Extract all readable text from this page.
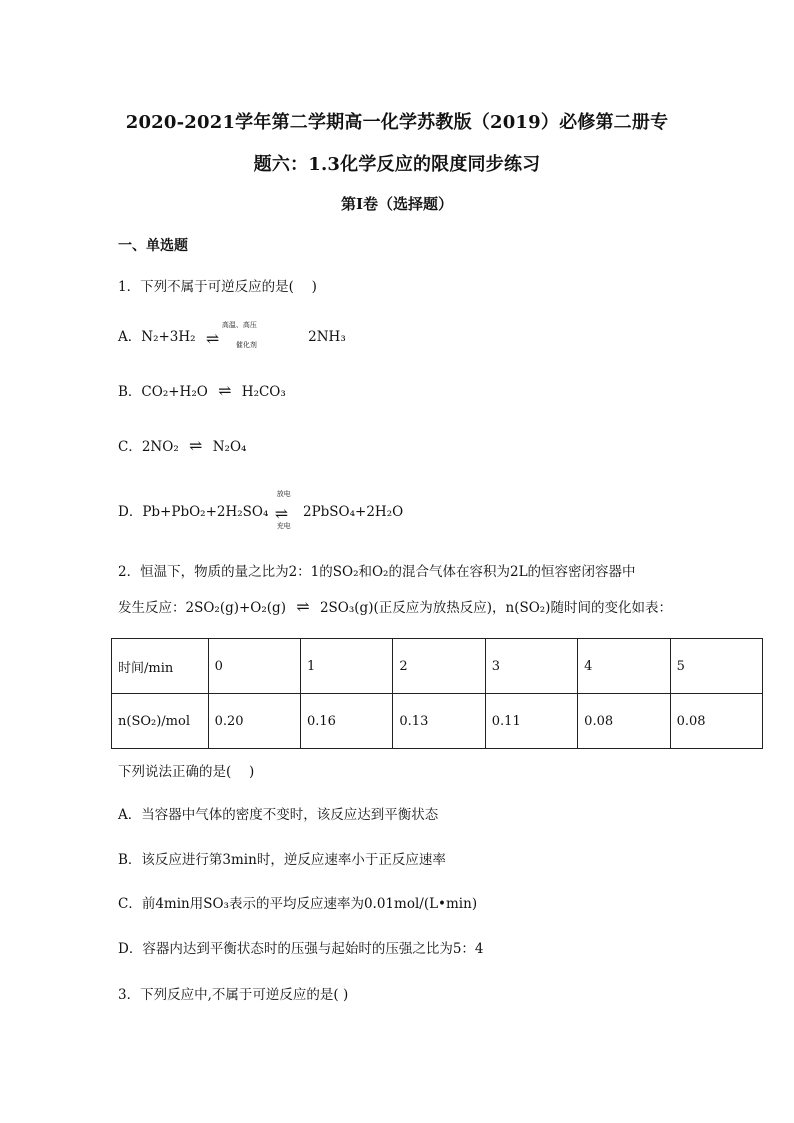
2020-2021学年第二学期高一化学苏教版（2019）必修第二册专
题六：1.3化学反应的限度同步练习
第I卷（选择题）
一、单选题
1．下列不属于可逆反应的是(　 )
A．N₂+3H₂
高温、高压
⇌ 催化剂	2NH₃
B．CO₂+H₂O ⇌ H₂CO₃
C．2NO₂ ⇌ N₂O₄
D．Pb+PbO₂+2H₂SO₄
放电
⇌
充电
2PbSO₄+2H₂O
2．恒温下，物质的量之比为2：1的SO₂和O₂的混合气体在容积为2L的恒容密闭容器中
发生反应：2SO₂(g)+O₂(g) ⇌ 2SO₃(g)(正反应为放热反应)，n(SO₂)随时间的变化如表：
时间/min	0	1	2	3	4	5
n(SO₂)/mol	0.20	0.16	0.13	0.11	0.08	0.08
下列说法正确的是(　 )
A．当容器中气体的密度不变时，该反应达到平衡状态
B．该反应进行第3min时，逆反应速率小于正反应速率
C．前4min用SO₃表示的平均反应速率为0.01mol/(L•min)
D．容器内达到平衡状态时的压强与起始时的压强之比为5：4
3．下列反应中,不属于可逆反应的是( )
